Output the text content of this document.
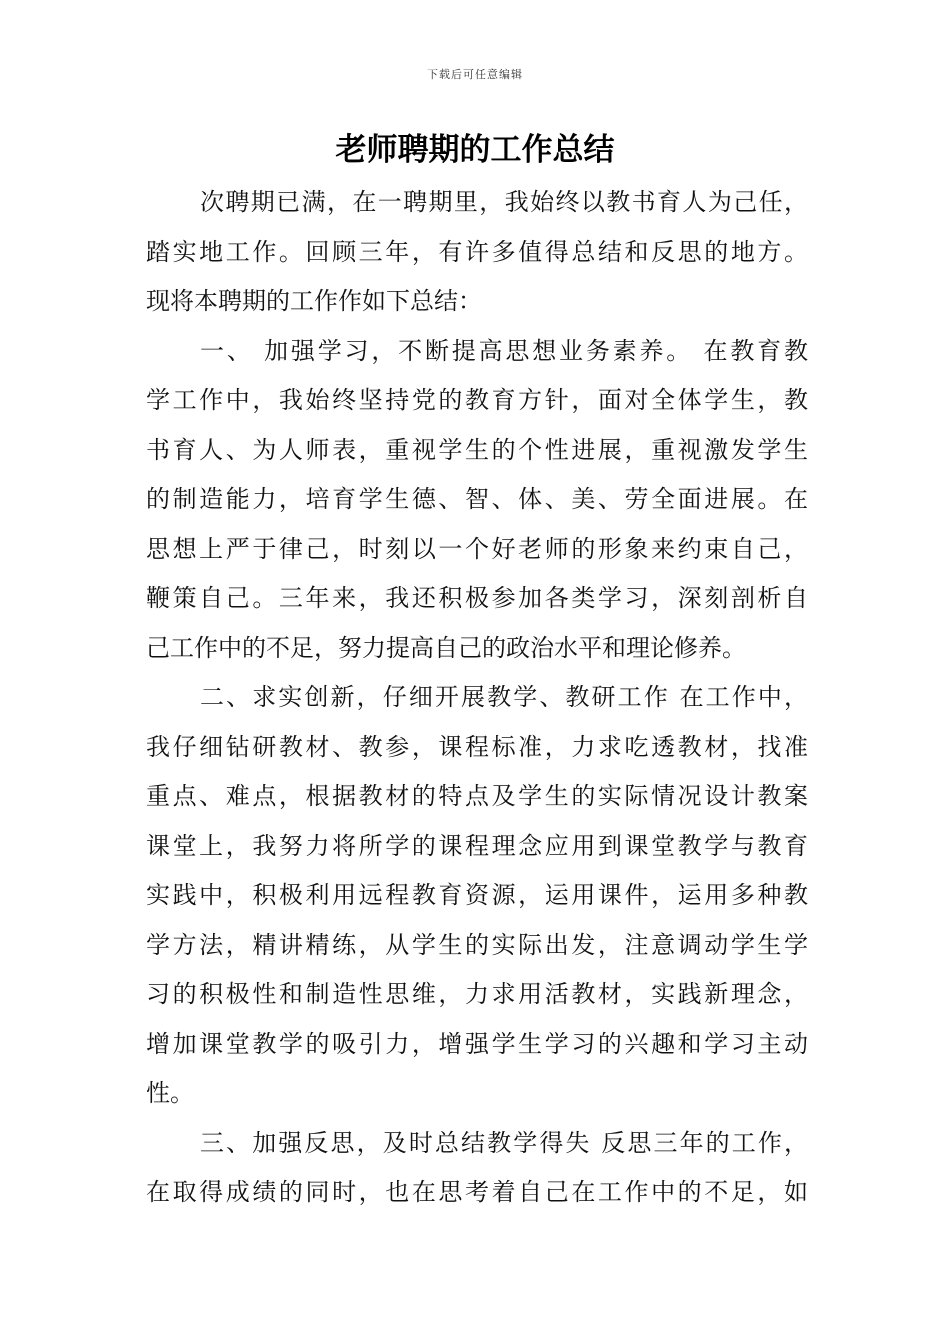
下载后可任意编辑
老师聘期的工作总结
次聘期已满，在一聘期里，我始终以教书育人为己任，
踏实地工作。回顾三年，有许多值得总结和反思的地方。
现将本聘期的工作作如下总结：
一、 加强学习，不断提高思想业务素养。 在教育教
学工作中，我始终坚持党的教育方针，面对全体学生，教
书育人、为人师表，重视学生的个性进展，重视激发学生
的制造能力，培育学生德、智、体、美、劳全面进展。在
思想上严于律己，时刻以一个好老师的形象来约束自己，
鞭策自己。三年来，我还积极参加各类学习，深刻剖析自
己工作中的不足，努力提高自己的政治水平和理论修养。
二、求实创新，仔细开展教学、教研工作 在工作中，
我仔细钻研教材、教参，课程标准，力求吃透教材，找准
重点、难点，根据教材的特点及学生的实际情况设计教案
课堂上，我努力将所学的课程理念应用到课堂教学与教育
实践中，积极利用远程教育资源，运用课件，运用多种教
学方法，精讲精练，从学生的实际出发，注意调动学生学
习的积极性和制造性思维，力求用活教材，实践新理念，
增加课堂教学的吸引力，增强学生学习的兴趣和学习主动
性。
三、加强反思，及时总结教学得失 反思三年的工作，
在取得成绩的同时，也在思考着自己在工作中的不足，如
